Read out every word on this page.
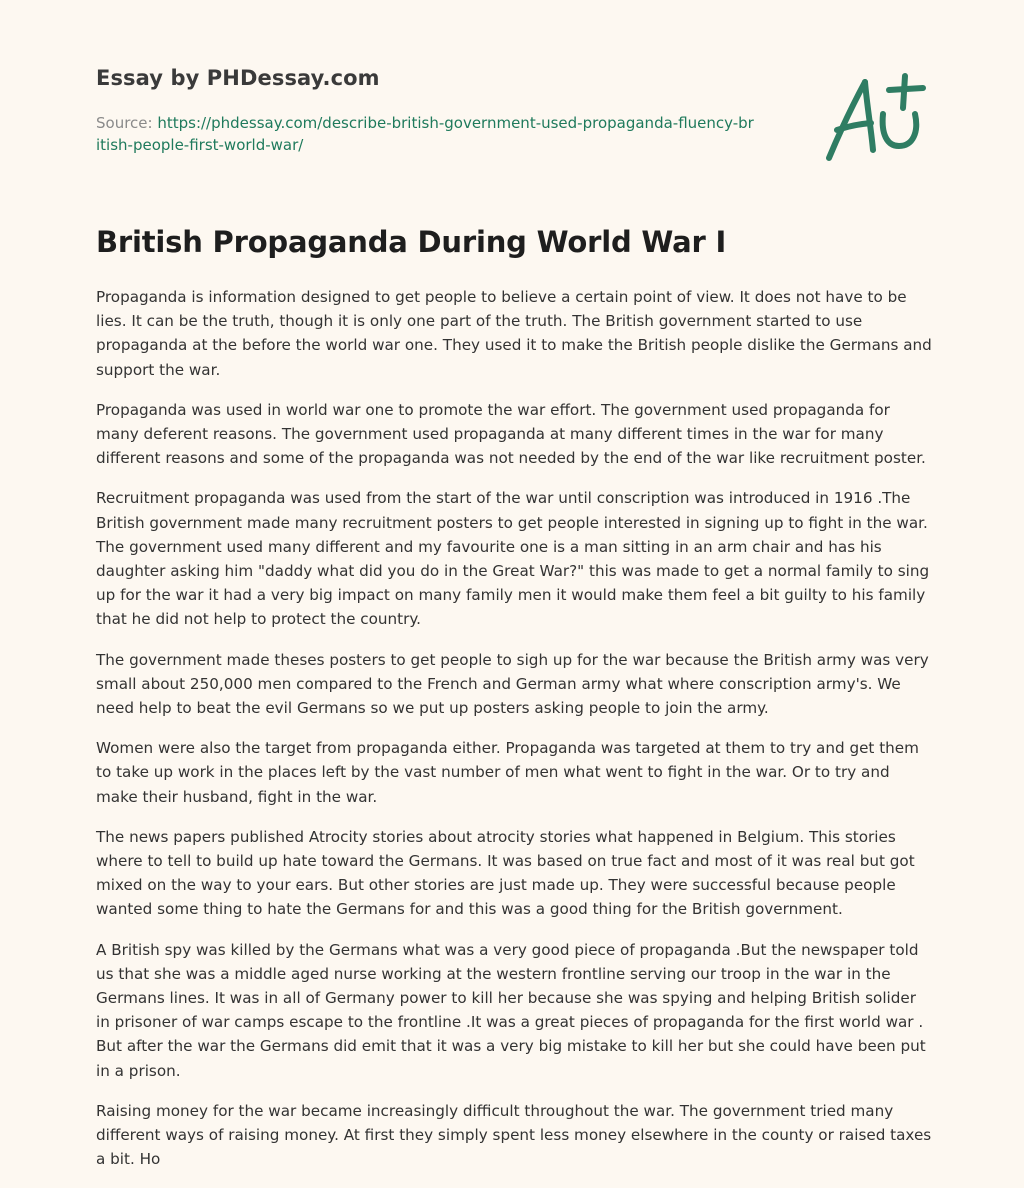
Essay by PHDessay.com
Source: https://phdessay.com/describe-british-government-used-propaganda-fluency-british-people-first-world-war/
British Propaganda During World War I

Propaganda is information designed to get people to believe a certain point of view. It does not have to be lies. It can be the truth, though it is only one part of the truth. The British government started to use propaganda at the before the world war one. They used it to make the British people dislike the Germans and support the war.

Propaganda was used in world war one to promote the war effort. The government used propaganda for many deferent reasons. The government used propaganda at many different times in the war for many different reasons and some of the propaganda was not needed by the end of the war like recruitment poster.

Recruitment propaganda was used from the start of the war until conscription was introduced in 1916 .The British government made many recruitment posters to get people interested in signing up to fight in the war. The government used many different and my favourite one is a man sitting in an arm chair and has his daughter asking him "daddy what did you do in the Great War?" this was made to get a normal family to sing up for the war it had a very big impact on many family men it would make them feel a bit guilty to his family that he did not help to protect the country.

The government made theses posters to get people to sigh up for the war because the British army was very small about 250,000 men compared to the French and German army what where conscription army's. We need help to beat the evil Germans so we put up posters asking people to join the army.

Women were also the target from propaganda either. Propaganda was targeted at them to try and get them to take up work in the places left by the vast number of men what went to fight in the war. Or to try and make their husband, fight in the war.

The news papers published Atrocity stories about atrocity stories what happened in Belgium. This stories where to tell to build up hate toward the Germans. It was based on true fact and most of it was real but got mixed on the way to your ears. But other stories are just made up. They were successful because people wanted some thing to hate the Germans for and this was a good thing for the British government.

A British spy was killed by the Germans what was a very good piece of propaganda .But the newspaper told us that she was a middle aged nurse working at the western frontline serving our troop in the war in the Germans lines. It was in all of Germany power to kill her because she was spying and helping British solider in prisoner of war camps escape to the frontline .It was a great pieces of propaganda for the first world war . But after the war the Germans did emit that it was a very big mistake to kill her but she could have been put in a prison.

Raising money for the war became increasingly difficult throughout the war. The government tried many different ways of raising money. At first they simply spent less money elsewhere in the county or raised taxes a bit. Ho
